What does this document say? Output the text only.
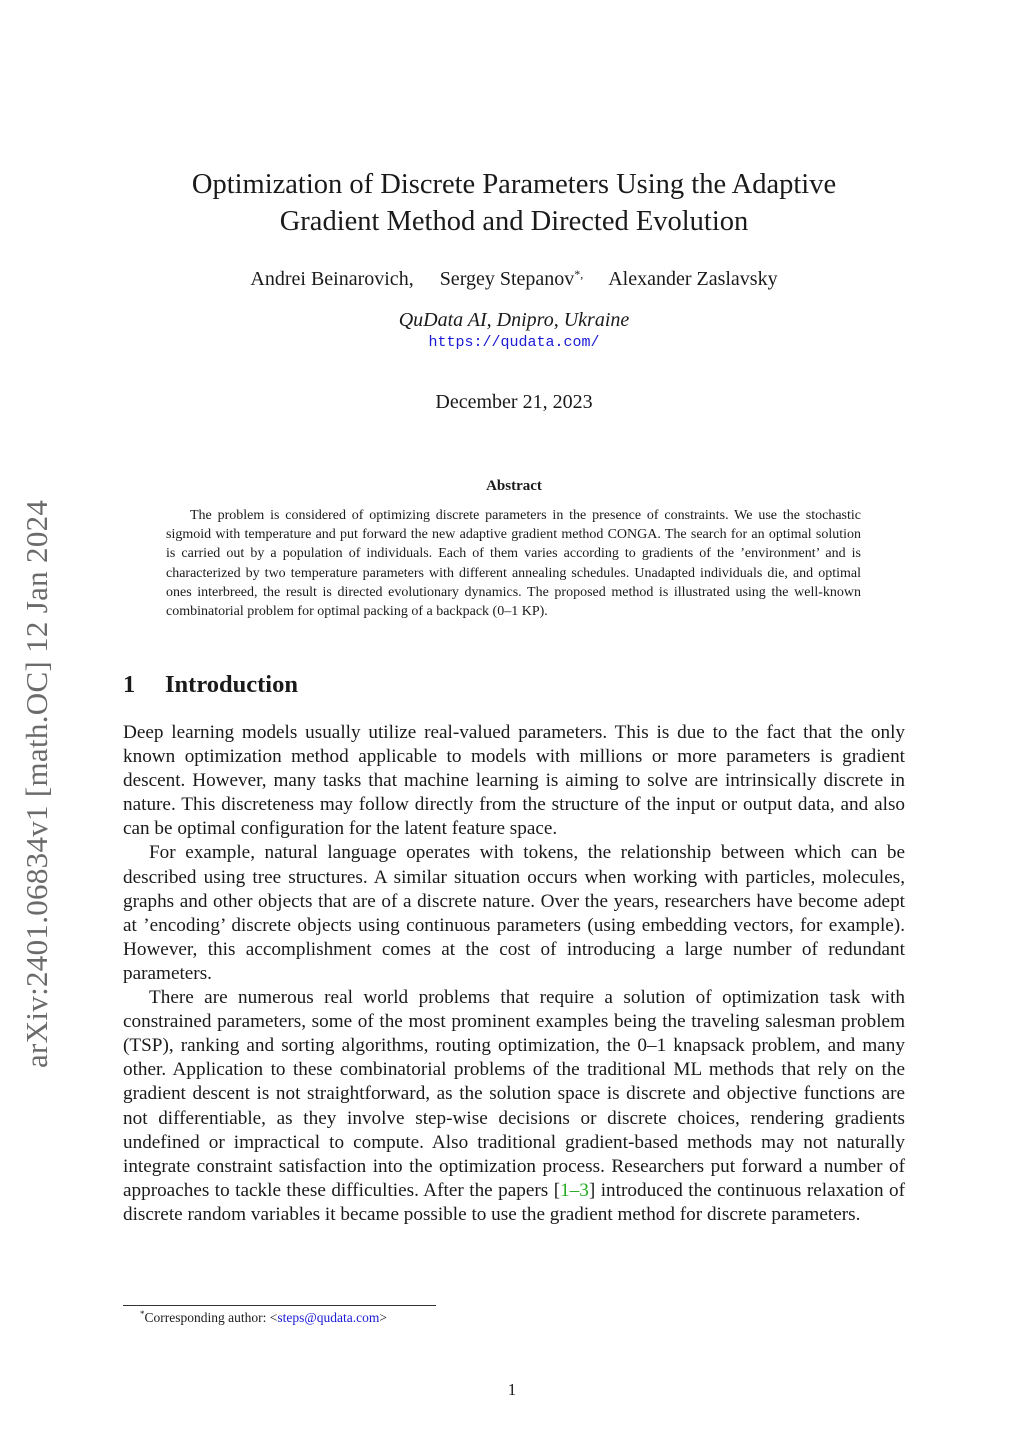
arXiv:2401.06834v1 [math.OC] 12 Jan 2024
Optimization of Discrete Parameters Using the Adaptive
Gradient Method and Directed Evolution
Andrei Beinarovich, Sergey Stepanov*, Alexander Zaslavsky
QuData AI, Dnipro, Ukraine
https://qudata.com/
December 21, 2023
Abstract

The problem is considered of optimizing discrete parameters in the presence of constraints. We use the stochastic sigmoid with temperature and put forward the new adaptive gradient method CONGA. The search for an optimal solution is carried out by a population of individuals. Each of them varies according to gradients of the ’environment’ and is characterized by two temperature parameters with different annealing schedules. Unadapted individuals die, and optimal ones interbreed, the result is directed evolutionary dynamics. The proposed method is illustrated using the well-known combinatorial problem for optimal packing of a backpack (0–1 KP).

1 Introduction

Deep learning models usually utilize real-valued parameters. This is due to the fact that the only known optimization method applicable to models with millions or more parameters is gradient descent. However, many tasks that machine learning is aiming to solve are intrinsically discrete in nature. This discreteness may follow directly from the structure of the input or output data, and also can be optimal configuration for the latent feature space.

For example, natural language operates with tokens, the relationship between which can be described using tree structures. A similar situation occurs when working with particles, molecules, graphs and other objects that are of a discrete nature. Over the years, researchers have become adept at ’encoding’ discrete objects using continuous parameters (using embedding vectors, for example). However, this accomplishment comes at the cost of introducing a large number of redundant parameters.

There are numerous real world problems that require a solution of optimization task with constrained parameters, some of the most prominent examples being the traveling salesman problem (TSP), ranking and sorting algorithms, routing optimization, the 0–1 knapsack problem, and many other. Application to these combinatorial problems of the traditional ML methods that rely on the gradient descent is not straightforward, as the solution space is discrete and objective functions are not differentiable, as they involve step-wise decisions or discrete choices, rendering gradients undefined or impractical to compute. Also traditional gradient-based methods may not naturally integrate constraint satisfaction into the optimization process. Researchers put forward a number of approaches to tackle these difficulties. After the papers [1–3] introduced the continuous relaxation of discrete random variables it became possible to use the gradient method for discrete parameters.

*Corresponding author: <steps@qudata.com>
1
